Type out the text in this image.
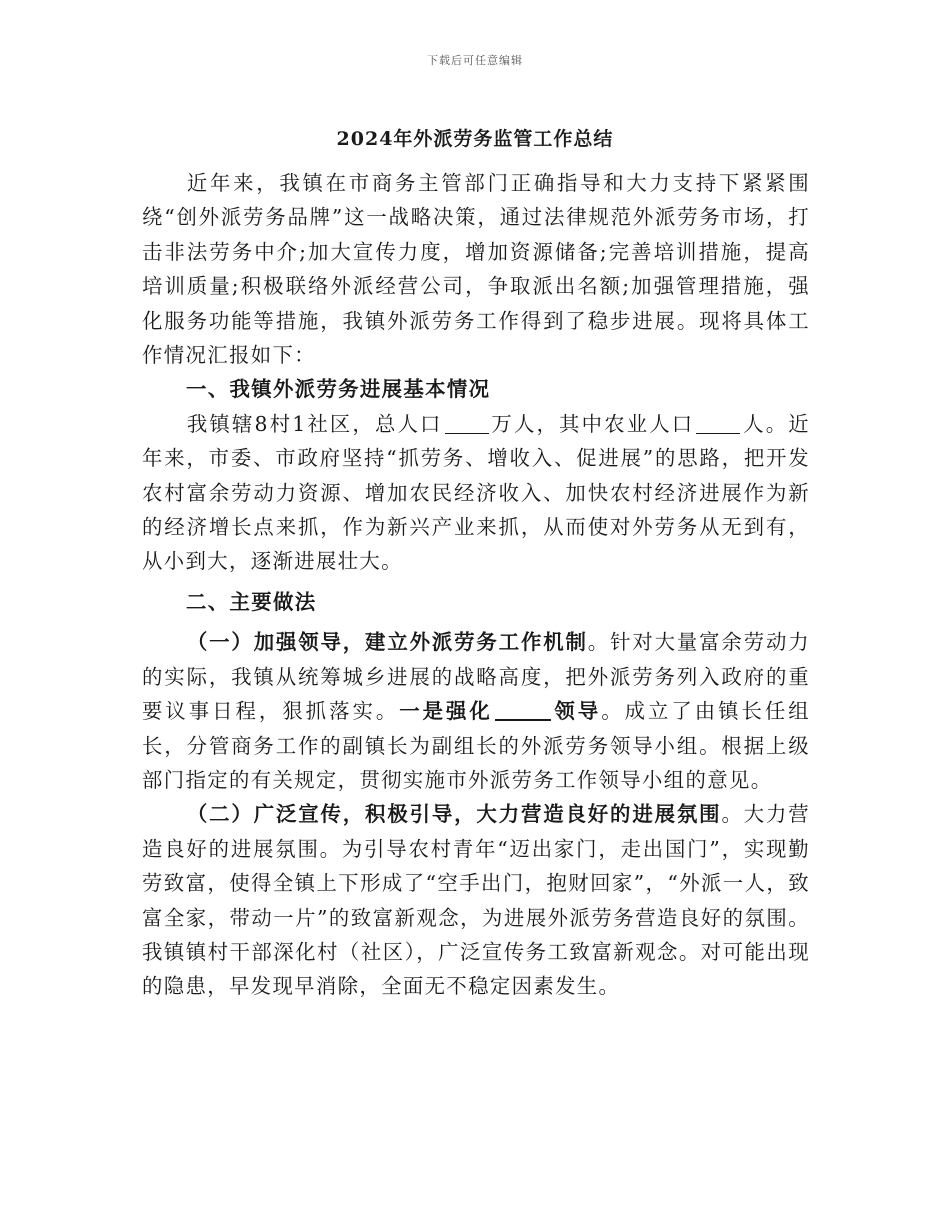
下载后可任意编辑
2024年外派劳务监管工作总结

近年来，我镇在市商务主管部门正确指导和大力支持下紧紧围绕“创外派劳务品牌”这一战略决策，通过法律规范外派劳务市场，打击非法劳务中介;加大宣传力度，增加资源储备;完善培训措施，提高培训质量;积极联络外派经营公司，争取派出名额;加强管理措施，强化服务功能等措施，我镇外派劳务工作得到了稳步进展。现将具体工作情况汇报如下：

一、我镇外派劳务进展基本情况

我镇辖8村1社区，总人口 万人，其中农业人口 人。近年来，市委、市政府坚持“抓劳务、增收入、促进展”的思路，把开发农村富余劳动力资源、增加农民经济收入、加快农村经济进展作为新的经济增长点来抓，作为新兴产业来抓，从而使对外劳务从无到有，从小到大，逐渐进展壮大。

二、主要做法

（一）加强领导，建立外派劳务工作机制。针对大量富余劳动力的实际，我镇从统筹城乡进展的战略高度，把外派劳务列入政府的重要议事日程，狠抓落实。一是强化	领导。成立了由镇长任组长，分管商务工作的副镇长为副组长的外派劳务领导小组。根据上级部门指定的有关规定，贯彻实施市外派劳务工作领导小组的意见。

（二）广泛宣传，积极引导，大力营造良好的进展氛围。大力营造良好的进展氛围。为引导农村青年“迈出家门，走出国门”，实现勤劳致富，使得全镇上下形成了“空手出门，抱财回家”，“外派一人，致富全家，带动一片”的致富新观念，为进展外派劳务营造良好的氛围。我镇镇村干部深化村（社区），广泛宣传务工致富新观念。对可能出现的隐患，早发现早消除，全面无不稳定因素发生。
